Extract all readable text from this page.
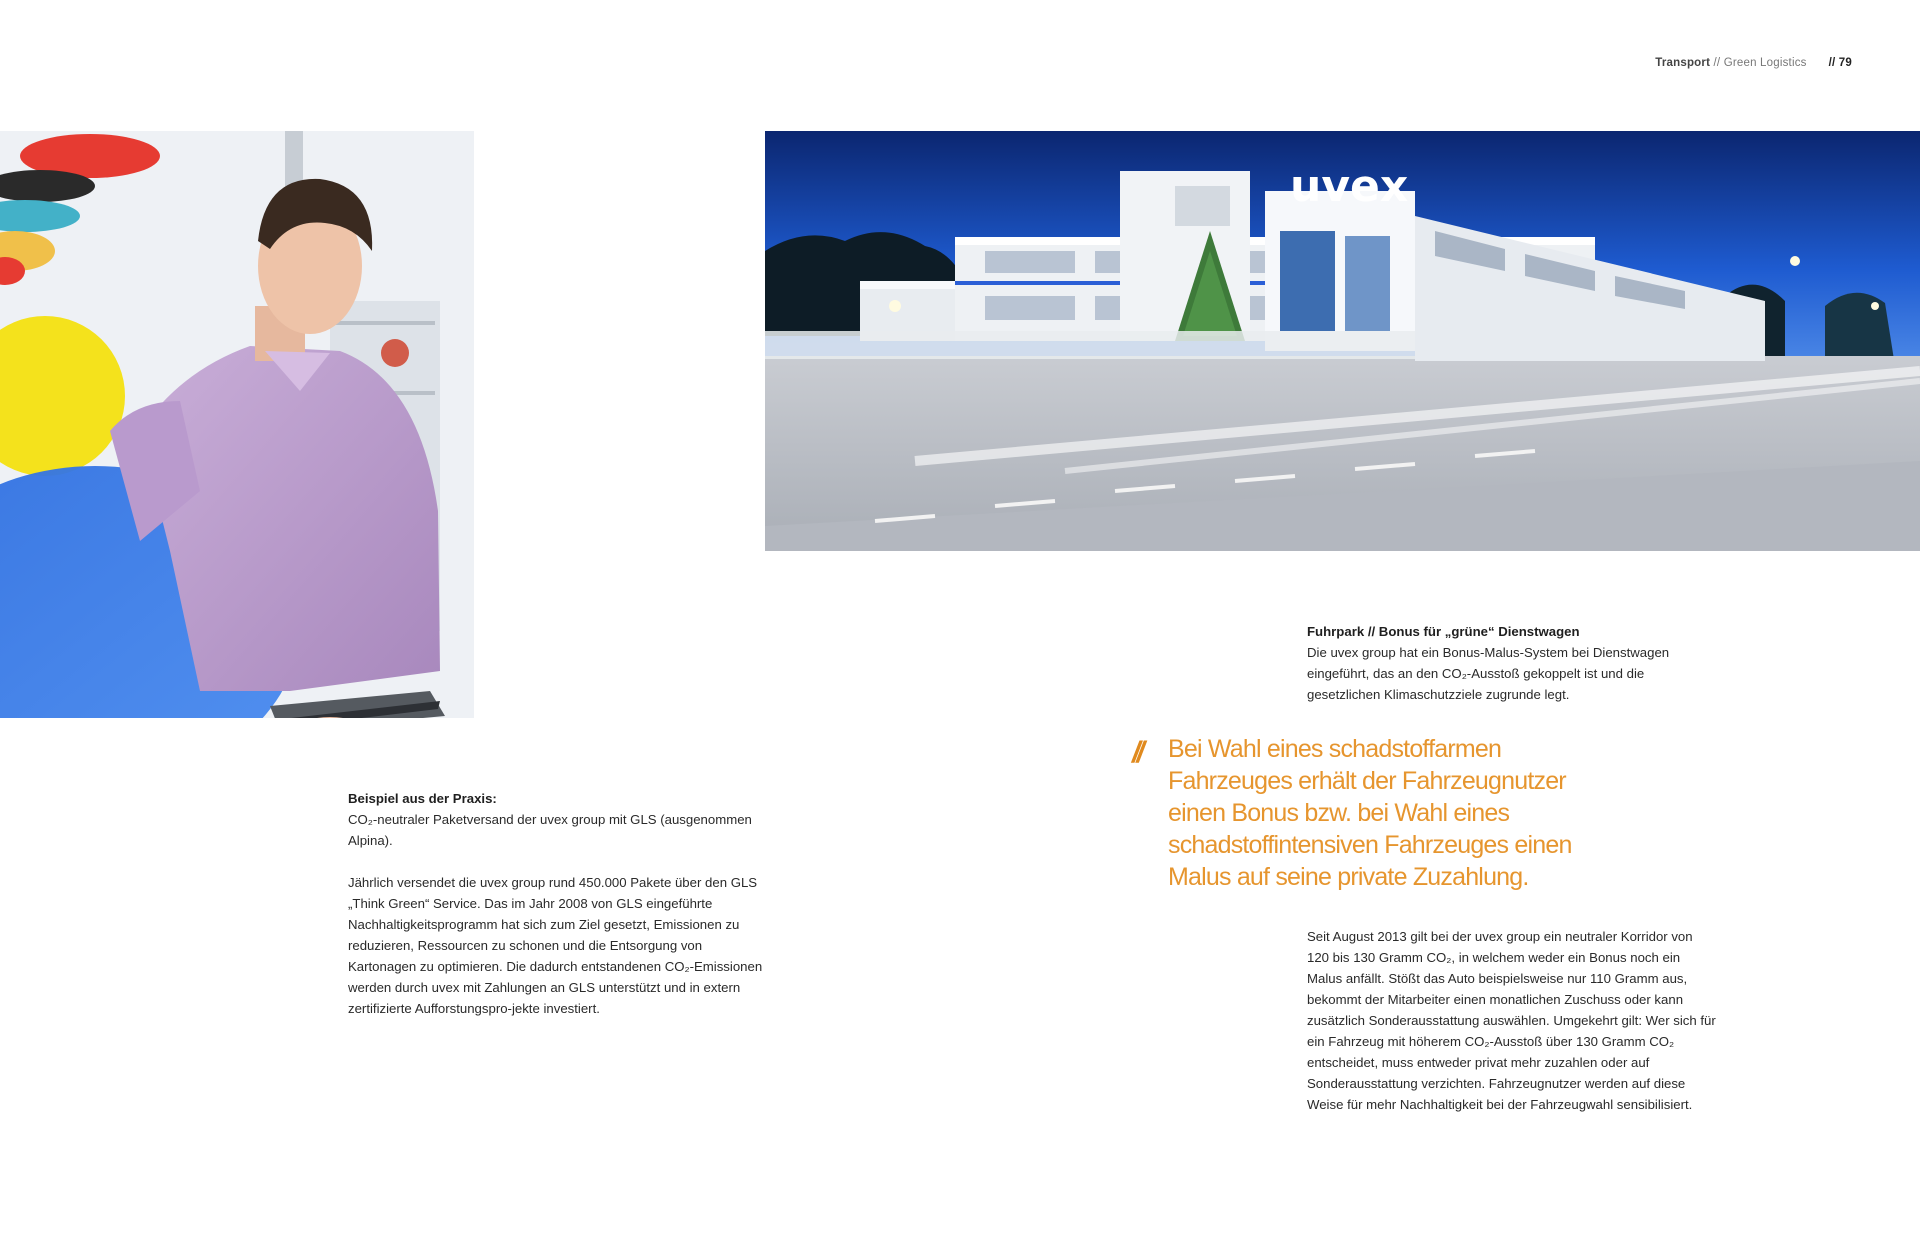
Transport // Green Logistics // 79
uvex
Beispiel aus der Praxis:

CO₂-neutraler Paketversand der uvex group mit GLS (ausgenommen Alpina).

Jährlich versendet die uvex group rund 450.000 Pakete über den GLS „Think Green“ Service. Das im Jahr 2008 von GLS eingeführte Nachhaltigkeitsprogramm hat sich zum Ziel gesetzt, Emissionen zu reduzieren, Ressourcen zu schonen und die Entsorgung von Kartonagen zu optimieren. Die dadurch entstandenen CO₂-Emissionen werden durch uvex mit Zahlungen an GLS unterstützt und in extern zertifizierte Aufforstungspro-jekte investiert.

Fuhrpark // Bonus für „grüne“ Dienstwagen

Die uvex group hat ein Bonus-Malus-System bei Dienstwagen eingeführt, das an den CO₂-Ausstoß gekoppelt ist und die gesetzlichen Klimaschutzziele zugrunde legt.

// Bei Wahl eines schadstoffarmen Fahrzeuges erhält der Fahrzeugnutzer einen Bonus bzw. bei Wahl eines schadstoffintensiven Fahrzeuges einen Malus auf seine private Zuzahlung.

Seit August 2013 gilt bei der uvex group ein neutraler Korridor von 120 bis 130 Gramm CO₂, in welchem weder ein Bonus noch ein Malus anfällt. Stößt das Auto beispielsweise nur 110 Gramm aus, bekommt der Mitarbeiter einen monatlichen Zuschuss oder kann zusätzlich Sonderausstattung auswählen. Umgekehrt gilt: Wer sich für ein Fahrzeug mit höherem CO₂-Ausstoß über 130 Gramm CO₂ entscheidet, muss entweder privat mehr zuzahlen oder auf Sonderausstattung verzichten. Fahrzeugnutzer werden auf diese Weise für mehr Nachhaltigkeit bei der Fahrzeugwahl sensibilisiert.
